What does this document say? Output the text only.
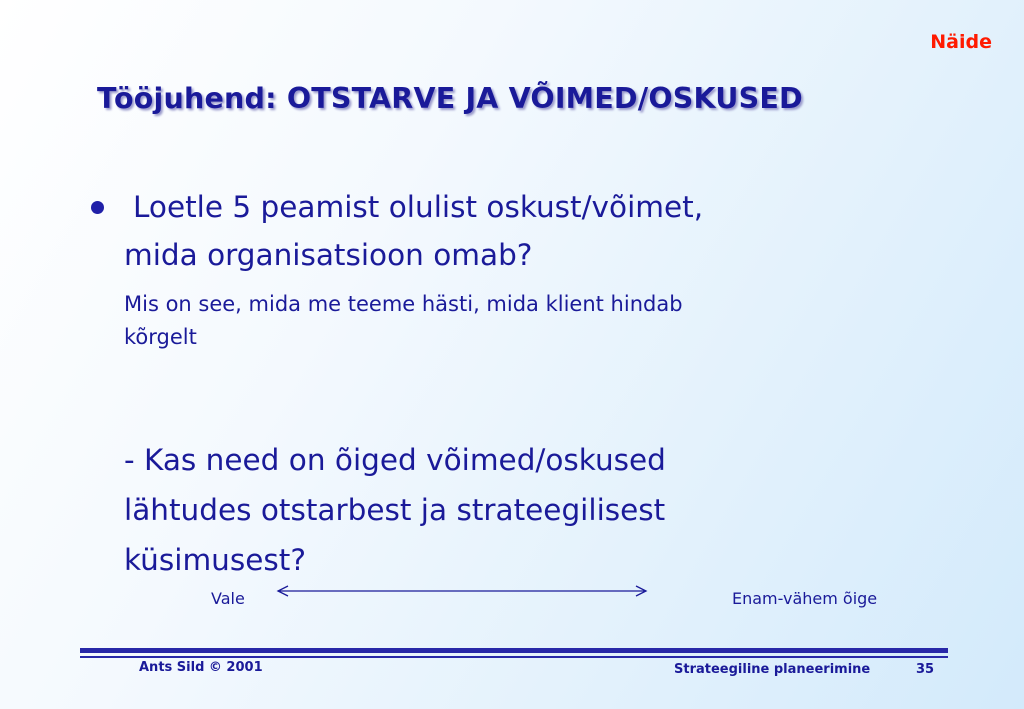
Näide
Tööjuhend: OTSTARVE JA VÕIMED/OSKUSED
Loetle 5 peamist olulist oskust/võimet,
mida organisatsioon omab?
Mis on see, mida me teeme hästi, mida klient hindab
kõrgelt
- Kas need on õiged võimed/oskused
lähtudes otstarbest ja strateegilisest
küsimusest?
Vale	Enam-vähem õige
Ants Sild © 2001	Strateegiline planeerimine	35
